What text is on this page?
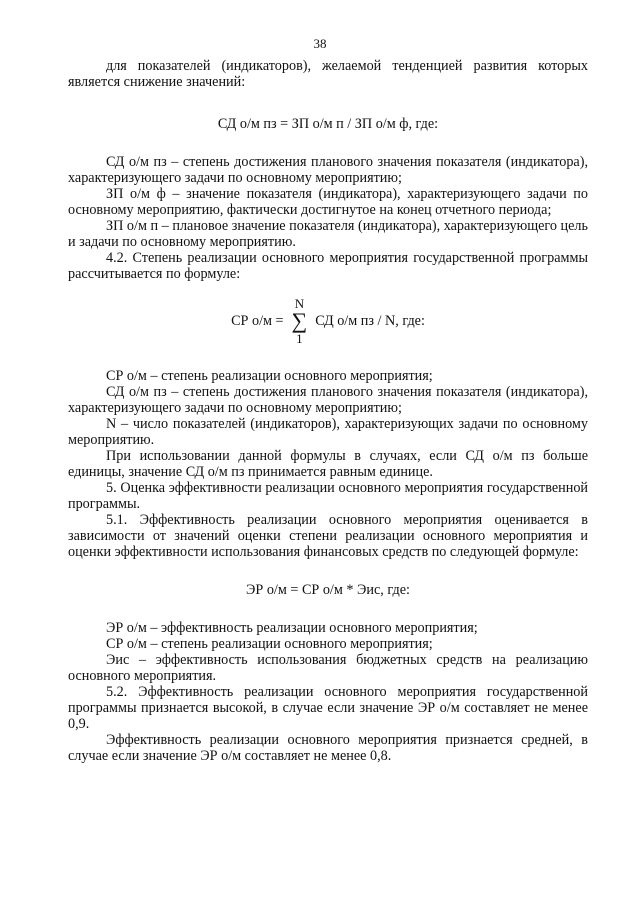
38

для показателей (индикаторов), желаемой тенденцией развития которых является снижение значений:

СД о/м пз = ЗП о/м п / ЗП о/м ф, где:

СД о/м пз – степень достижения планового значения показателя (индикатора), характеризующего задачи по основному мероприятию;

ЗП о/м ф – значение показателя (индикатора), характеризующего задачи по основному мероприятию, фактически достигнутое на конец отчетного периода;

ЗП о/м п – плановое значение показателя (индикатора), характеризующего цель и задачи по основному мероприятию.

4.2. Степень реализации основного мероприятия государственной программы рассчитывается по формуле:

СР о/м =
N
∑
1
СД о/м пз / N, где:

СР о/м – степень реализации основного мероприятия;

СД о/м пз – степень достижения планового значения показателя (индикатора), характеризующего задачи по основному мероприятию;

N – число показателей (индикаторов), характеризующих задачи по основному мероприятию.

При использовании данной формулы в случаях, если СД о/м пз больше единицы, значение СД о/м пз принимается равным единице.

5. Оценка эффективности реализации основного мероприятия государственной программы.

5.1. Эффективность реализации основного мероприятия оценивается в зависимости от значений оценки степени реализации основного мероприятия и оценки эффективности использования финансовых средств по следующей формуле:

ЭР о/м = СР о/м * Эис, где:

ЭР о/м – эффективность реализации основного мероприятия;

СР о/м – степень реализации основного мероприятия;

Эис – эффективность использования бюджетных средств на реализацию основного мероприятия.

5.2. Эффективность реализации основного мероприятия государственной программы признается высокой, в случае если значение ЭР о/м составляет не менее 0,9.

Эффективность реализации основного мероприятия признается средней, в случае если значение ЭР о/м составляет не менее 0,8.
